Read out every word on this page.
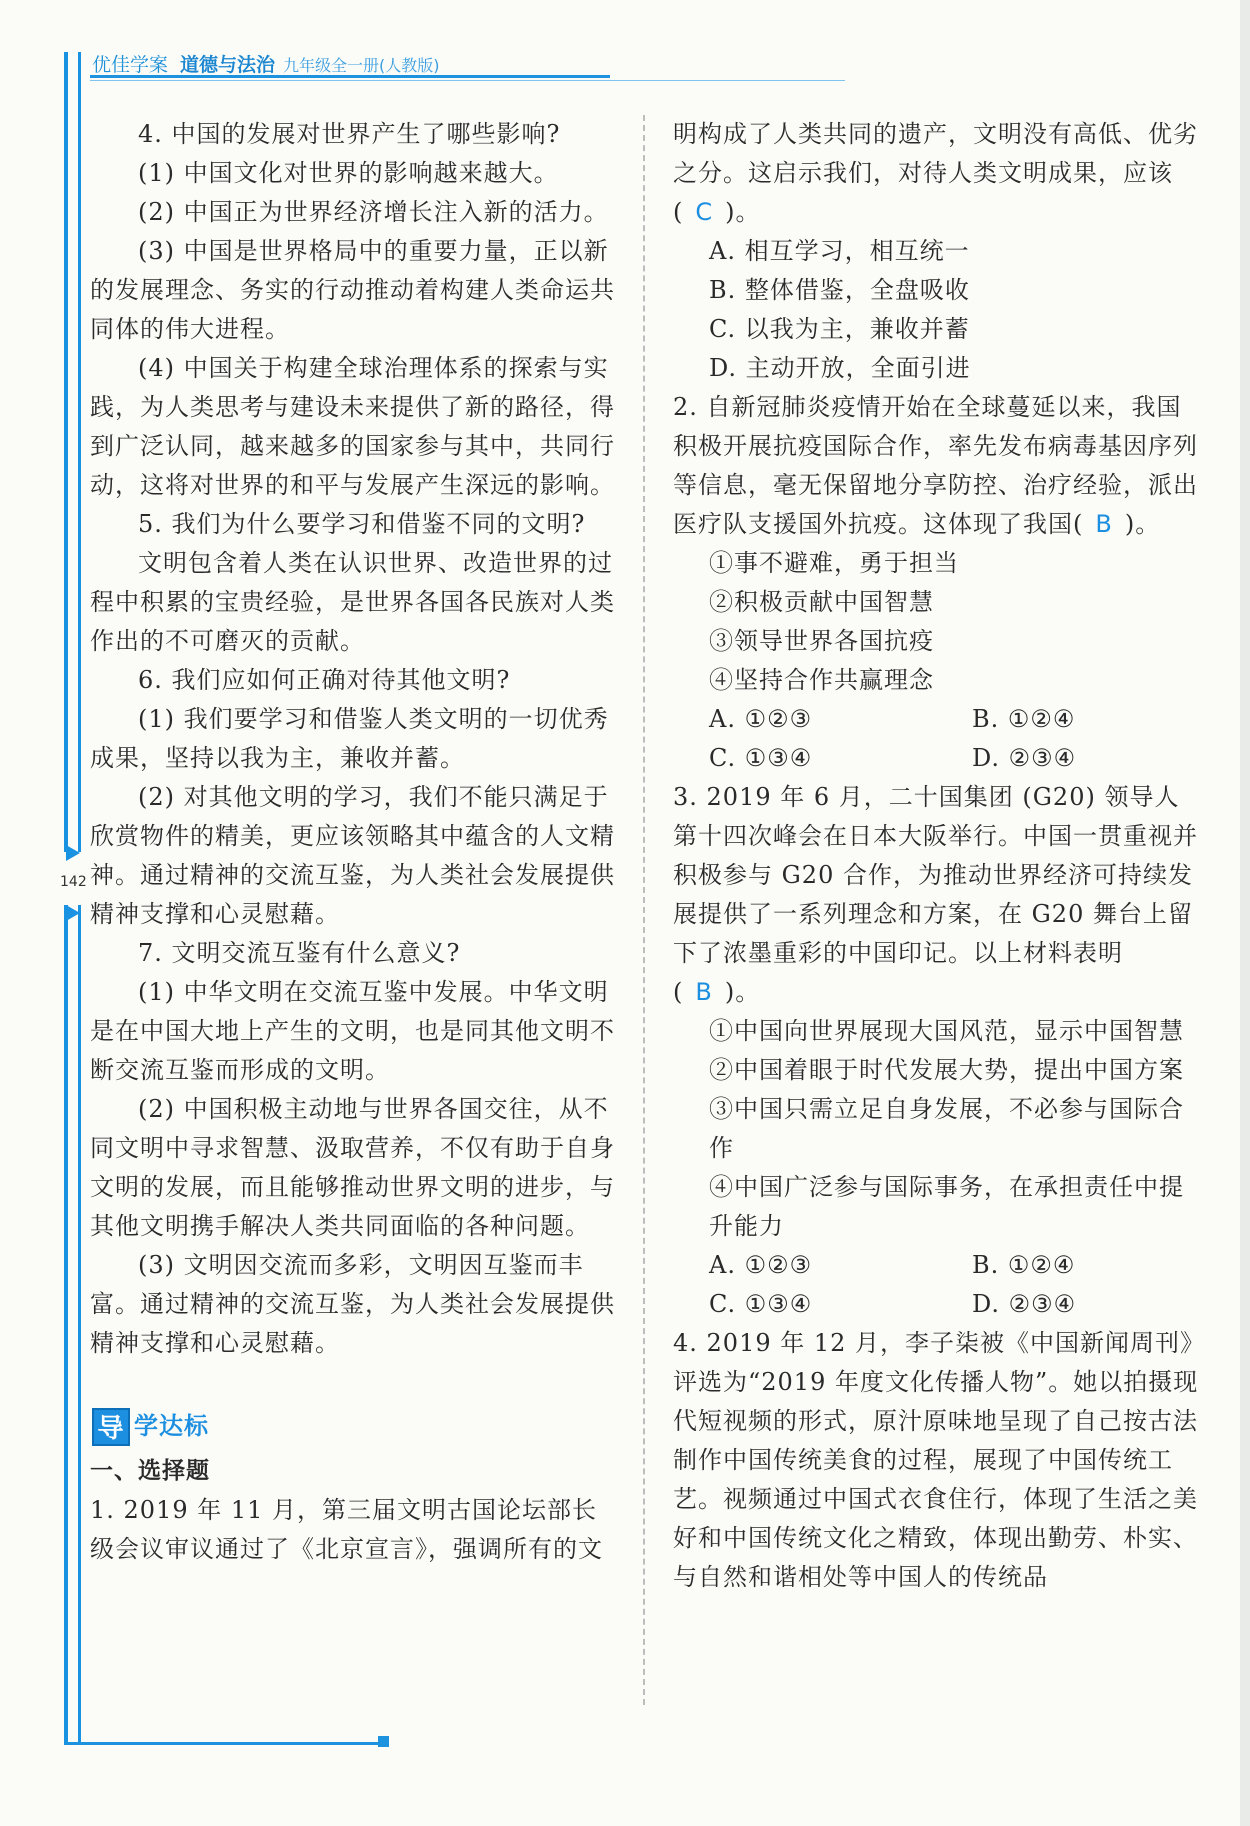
142
优佳学案 道德与法治 九年级全一册(人教版)

4. 中国的发展对世界产生了哪些影响?

(1) 中国文化对世界的影响越来越大。

(2) 中国正为世界经济增长注入新的活力。

(3) 中国是世界格局中的重要力量，正以新的发展理念、务实的行动推动着构建人类命运共同体的伟大进程。

(4) 中国关于构建全球治理体系的探索与实践，为人类思考与建设未来提供了新的路径，得到广泛认同，越来越多的国家参与其中，共同行动，这将对世界的和平与发展产生深远的影响。

5. 我们为什么要学习和借鉴不同的文明?

文明包含着人类在认识世界、改造世界的过程中积累的宝贵经验，是世界各国各民族对人类作出的不可磨灭的贡献。

6. 我们应如何正确对待其他文明?

(1) 我们要学习和借鉴人类文明的一切优秀成果，坚持以我为主，兼收并蓄。

(2) 对其他文明的学习，我们不能只满足于欣赏物件的精美，更应该领略其中蕴含的人文精神。通过精神的交流互鉴，为人类社会发展提供精神支撑和心灵慰藉。

7. 文明交流互鉴有什么意义?

(1) 中华文明在交流互鉴中发展。中华文明是在中国大地上产生的文明，也是同其他文明不断交流互鉴而形成的文明。

(2) 中国积极主动地与世界各国交往，从不同文明中寻求智慧、汲取营养，不仅有助于自身文明的发展，而且能够推动世界文明的进步，与其他文明携手解决人类共同面临的各种问题。

(3) 文明因交流而多彩，文明因互鉴而丰富。通过精神的交流互鉴，为人类社会发展提供精神支撑和心灵慰藉。

导 学达标

一、选择题

1. 2019 年 11 月，第三届文明古国论坛部长级会议审议通过了《北京宣言》，强调所有的文

明构成了人类共同的遗产，文明没有高低、优劣之分。这启示我们，对待人类文明成果，应该( C )。

A. 相互学习，相互统一

B. 整体借鉴，全盘吸收

C. 以我为主，兼收并蓄

D. 主动开放，全面引进

2. 自新冠肺炎疫情开始在全球蔓延以来，我国积极开展抗疫国际合作，率先发布病毒基因序列等信息，毫无保留地分享防控、治疗经验，派出医疗队支援国外抗疫。这体现了我国( B )。

①事不避难，勇于担当

②积极贡献中国智慧

③领导世界各国抗疫

④坚持合作共赢理念

A. ①②③	B. ①②④
C. ①③④	D. ②③④

3. 2019 年 6 月，二十国集团 (G20) 领导人第十四次峰会在日本大阪举行。中国一贯重视并积极参与 G20 合作，为推动世界经济可持续发展提供了一系列理念和方案，在 G20 舞台上留下了浓墨重彩的中国印记。以上材料表明( B )。

①中国向世界展现大国风范，显示中国智慧

②中国着眼于时代发展大势，提出中国方案

③中国只需立足自身发展，不必参与国际合作

④中国广泛参与国际事务，在承担责任中提升能力

A. ①②③	B. ①②④
C. ①③④	D. ②③④

4. 2019 年 12 月，李子柒被《中国新闻周刊》评选为“2019 年度文化传播人物”。她以拍摄现代短视频的形式，原汁原味地呈现了自己按古法制作中国传统美食的过程，展现了中国传统工艺。视频通过中国式衣食住行，体现了生活之美好和中国传统文化之精致，体现出勤劳、朴实、与自然和谐相处等中国人的传统品
